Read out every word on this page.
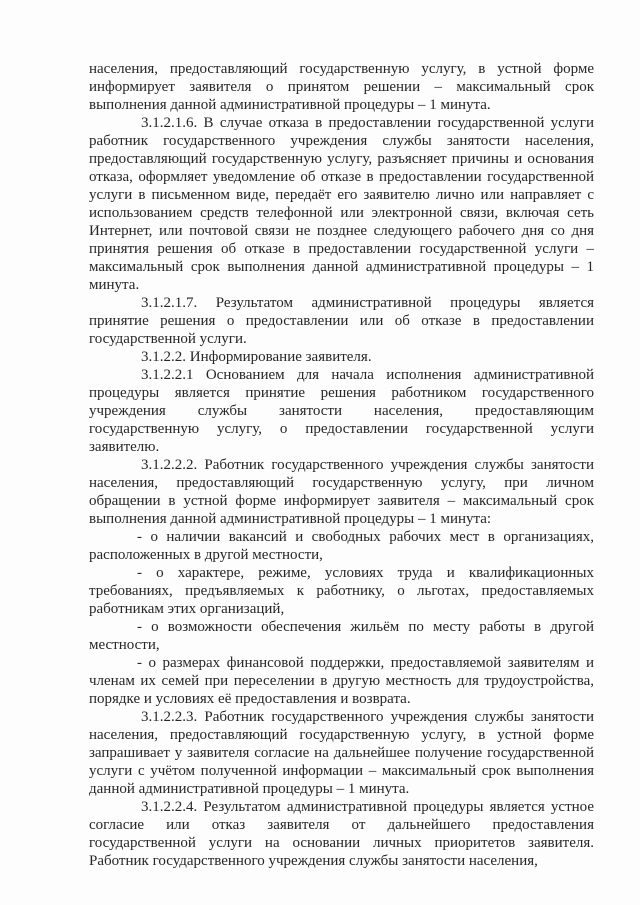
населения, предоставляющий государственную услугу, в устной форме информирует заявителя о принятом решении – максимальный срок выполнения данной административной процедуры – 1 минута.

3.1.2.1.6. В случае отказа в предоставлении государственной услуги работник государственного учреждения службы занятости населения, предоставляющий государственную услугу, разъясняет причины и основания отказа, оформляет уведомление об отказе в предоставлении государственной услуги в письменном виде, передаёт его заявителю лично или направляет с использованием средств телефонной или электронной связи, включая сеть Интернет, или почтовой связи не позднее следующего рабочего дня со дня принятия решения об отказе в предоставлении государственной услуги – максимальный срок выполнения данной административной процедуры – 1 минута.

3.1.2.1.7. Результатом административной процедуры является принятие решения о предоставлении или об отказе в предоставлении государственной услуги.

3.1.2.2. Информирование заявителя.

3.1.2.2.1 Основанием для начала исполнения административной процедуры является принятие решения работником государственного учреждения службы занятости населения, предоставляющим государственную услугу, о предоставлении государственной услуги заявителю.

3.1.2.2.2. Работник государственного учреждения службы занятости населения, предоставляющий государственную услугу, при личном обращении в устной форме информирует заявителя – максимальный срок выполнения данной административной процедуры – 1 минута:

- о наличии вакансий и свободных рабочих мест в организациях, расположенных в другой местности,

- о характере, режиме, условиях труда и квалификационных требованиях, предъявляемых к работнику, о льготах, предоставляемых работникам этих организаций,

- о возможности обеспечения жильём по месту работы в другой местности,

- о размерах финансовой поддержки, предоставляемой заявителям и членам их семей при переселении в другую местность для трудоустройства, порядке и условиях её предоставления и возврата.

3.1.2.2.3. Работник государственного учреждения службы занятости населения, предоставляющий государственную услугу, в устной форме запрашивает у заявителя согласие на дальнейшее получение государственной услуги с учётом полученной информации – максимальный срок выполнения данной административной процедуры – 1 минута.

3.1.2.2.4. Результатом административной процедуры является устное согласие или отказ заявителя от дальнейшего предоставления государственной услуги на основании личных приоритетов заявителя. Работник государственного учреждения службы занятости населения,
